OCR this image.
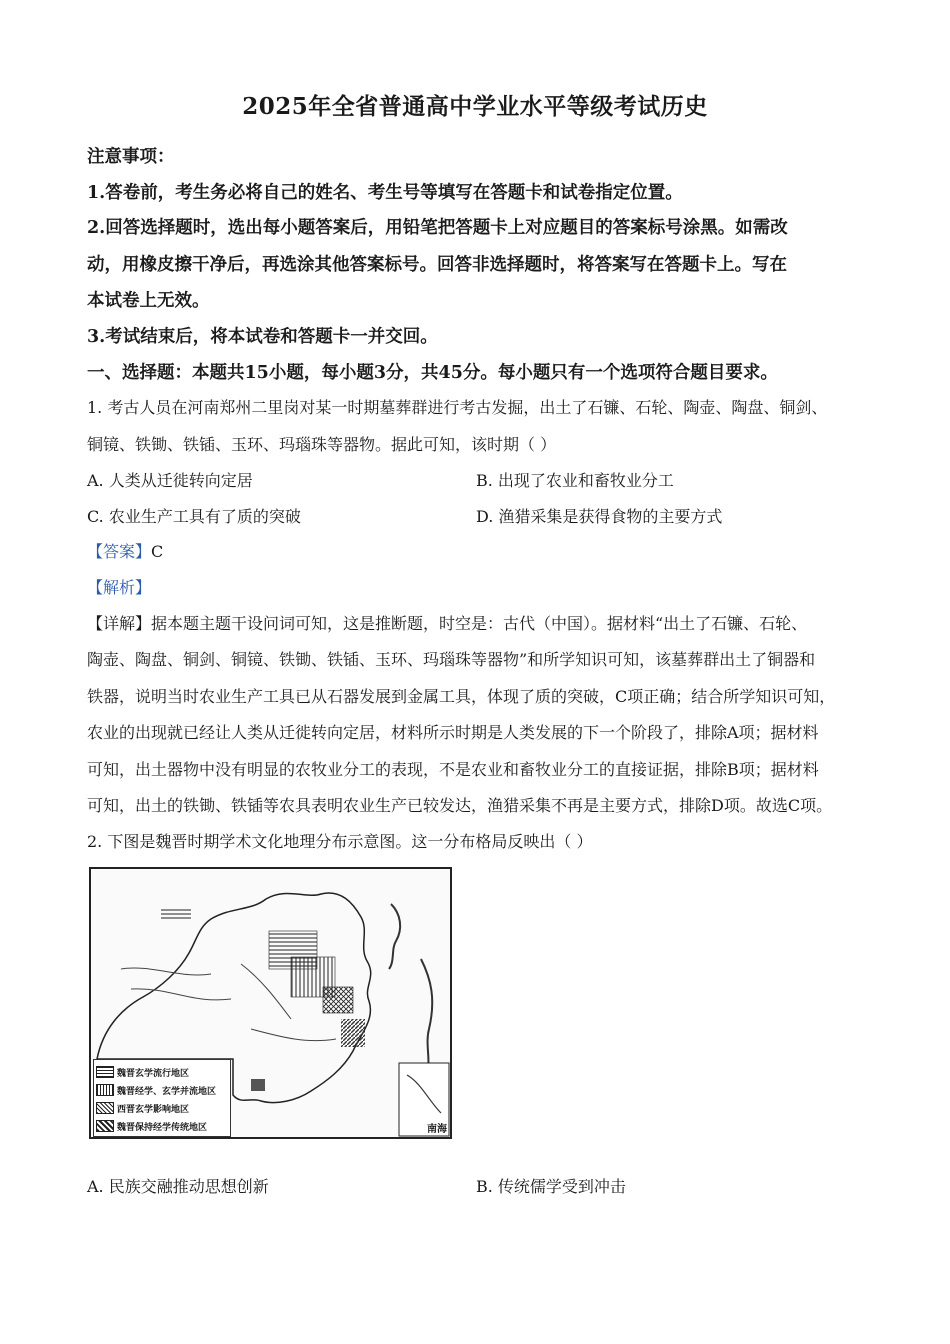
2025年全省普通高中学业水平等级考试历史
注意事项：
1.答卷前，考生务必将自己的姓名、考生号等填写在答题卡和试卷指定位置。
2.回答选择题时，选出每小题答案后，用铅笔把答题卡上对应题目的答案标号涂黑。如需改
动，用橡皮擦干净后，再选涂其他答案标号。回答非选择题时，将答案写在答题卡上。写在
本试卷上无效。
3.考试结束后，将本试卷和答题卡一并交回。
一、选择题：本题共15小题，每小题3分，共45分。每小题只有一个选项符合题目要求。
1. 考古人员在河南郑州二里岗对某一时期墓葬群进行考古发掘，出土了石镰、石轮、陶壶、陶盘、铜剑、
铜镜、铁锄、铁锸、玉环、玛瑙珠等器物。据此可知，该时期（ ）
A. 人类从迁徙转向定居	B. 出现了农业和畜牧业分工
C. 农业生产工具有了质的突破	D. 渔猎采集是获得食物的主要方式
【答案】C
【解析】
【详解】据本题主题干设问词可知，这是推断题，时空是：古代（中国）。据材料“出土了石镰、石轮、
陶壶、陶盘、铜剑、铜镜、铁锄、铁锸、玉环、玛瑙珠等器物”和所学知识可知，该墓葬群出土了铜器和
铁器，说明当时农业生产工具已从石器发展到金属工具，体现了质的突破，C项正确；结合所学知识可知，
农业的出现就已经让人类从迁徙转向定居，材料所示时期是人类发展的下一个阶段了，排除A项；据材料
可知，出土器物中没有明显的农牧业分工的表现，不是农业和畜牧业分工的直接证据，排除B项；据材料
可知，出土的铁锄、铁锸等农具表明农业生产已较发达，渔猎采集不再是主要方式，排除D项。故选C项。
2. 下图是魏晋时期学术文化地理分布示意图。这一分布格局反映出（ ）
魏晋玄学流行地区
魏晋经学、玄学并流地区
西晋玄学影响地区
魏晋保持经学传统地区	南海
A. 民族交融推动思想创新	B. 传统儒学受到冲击
